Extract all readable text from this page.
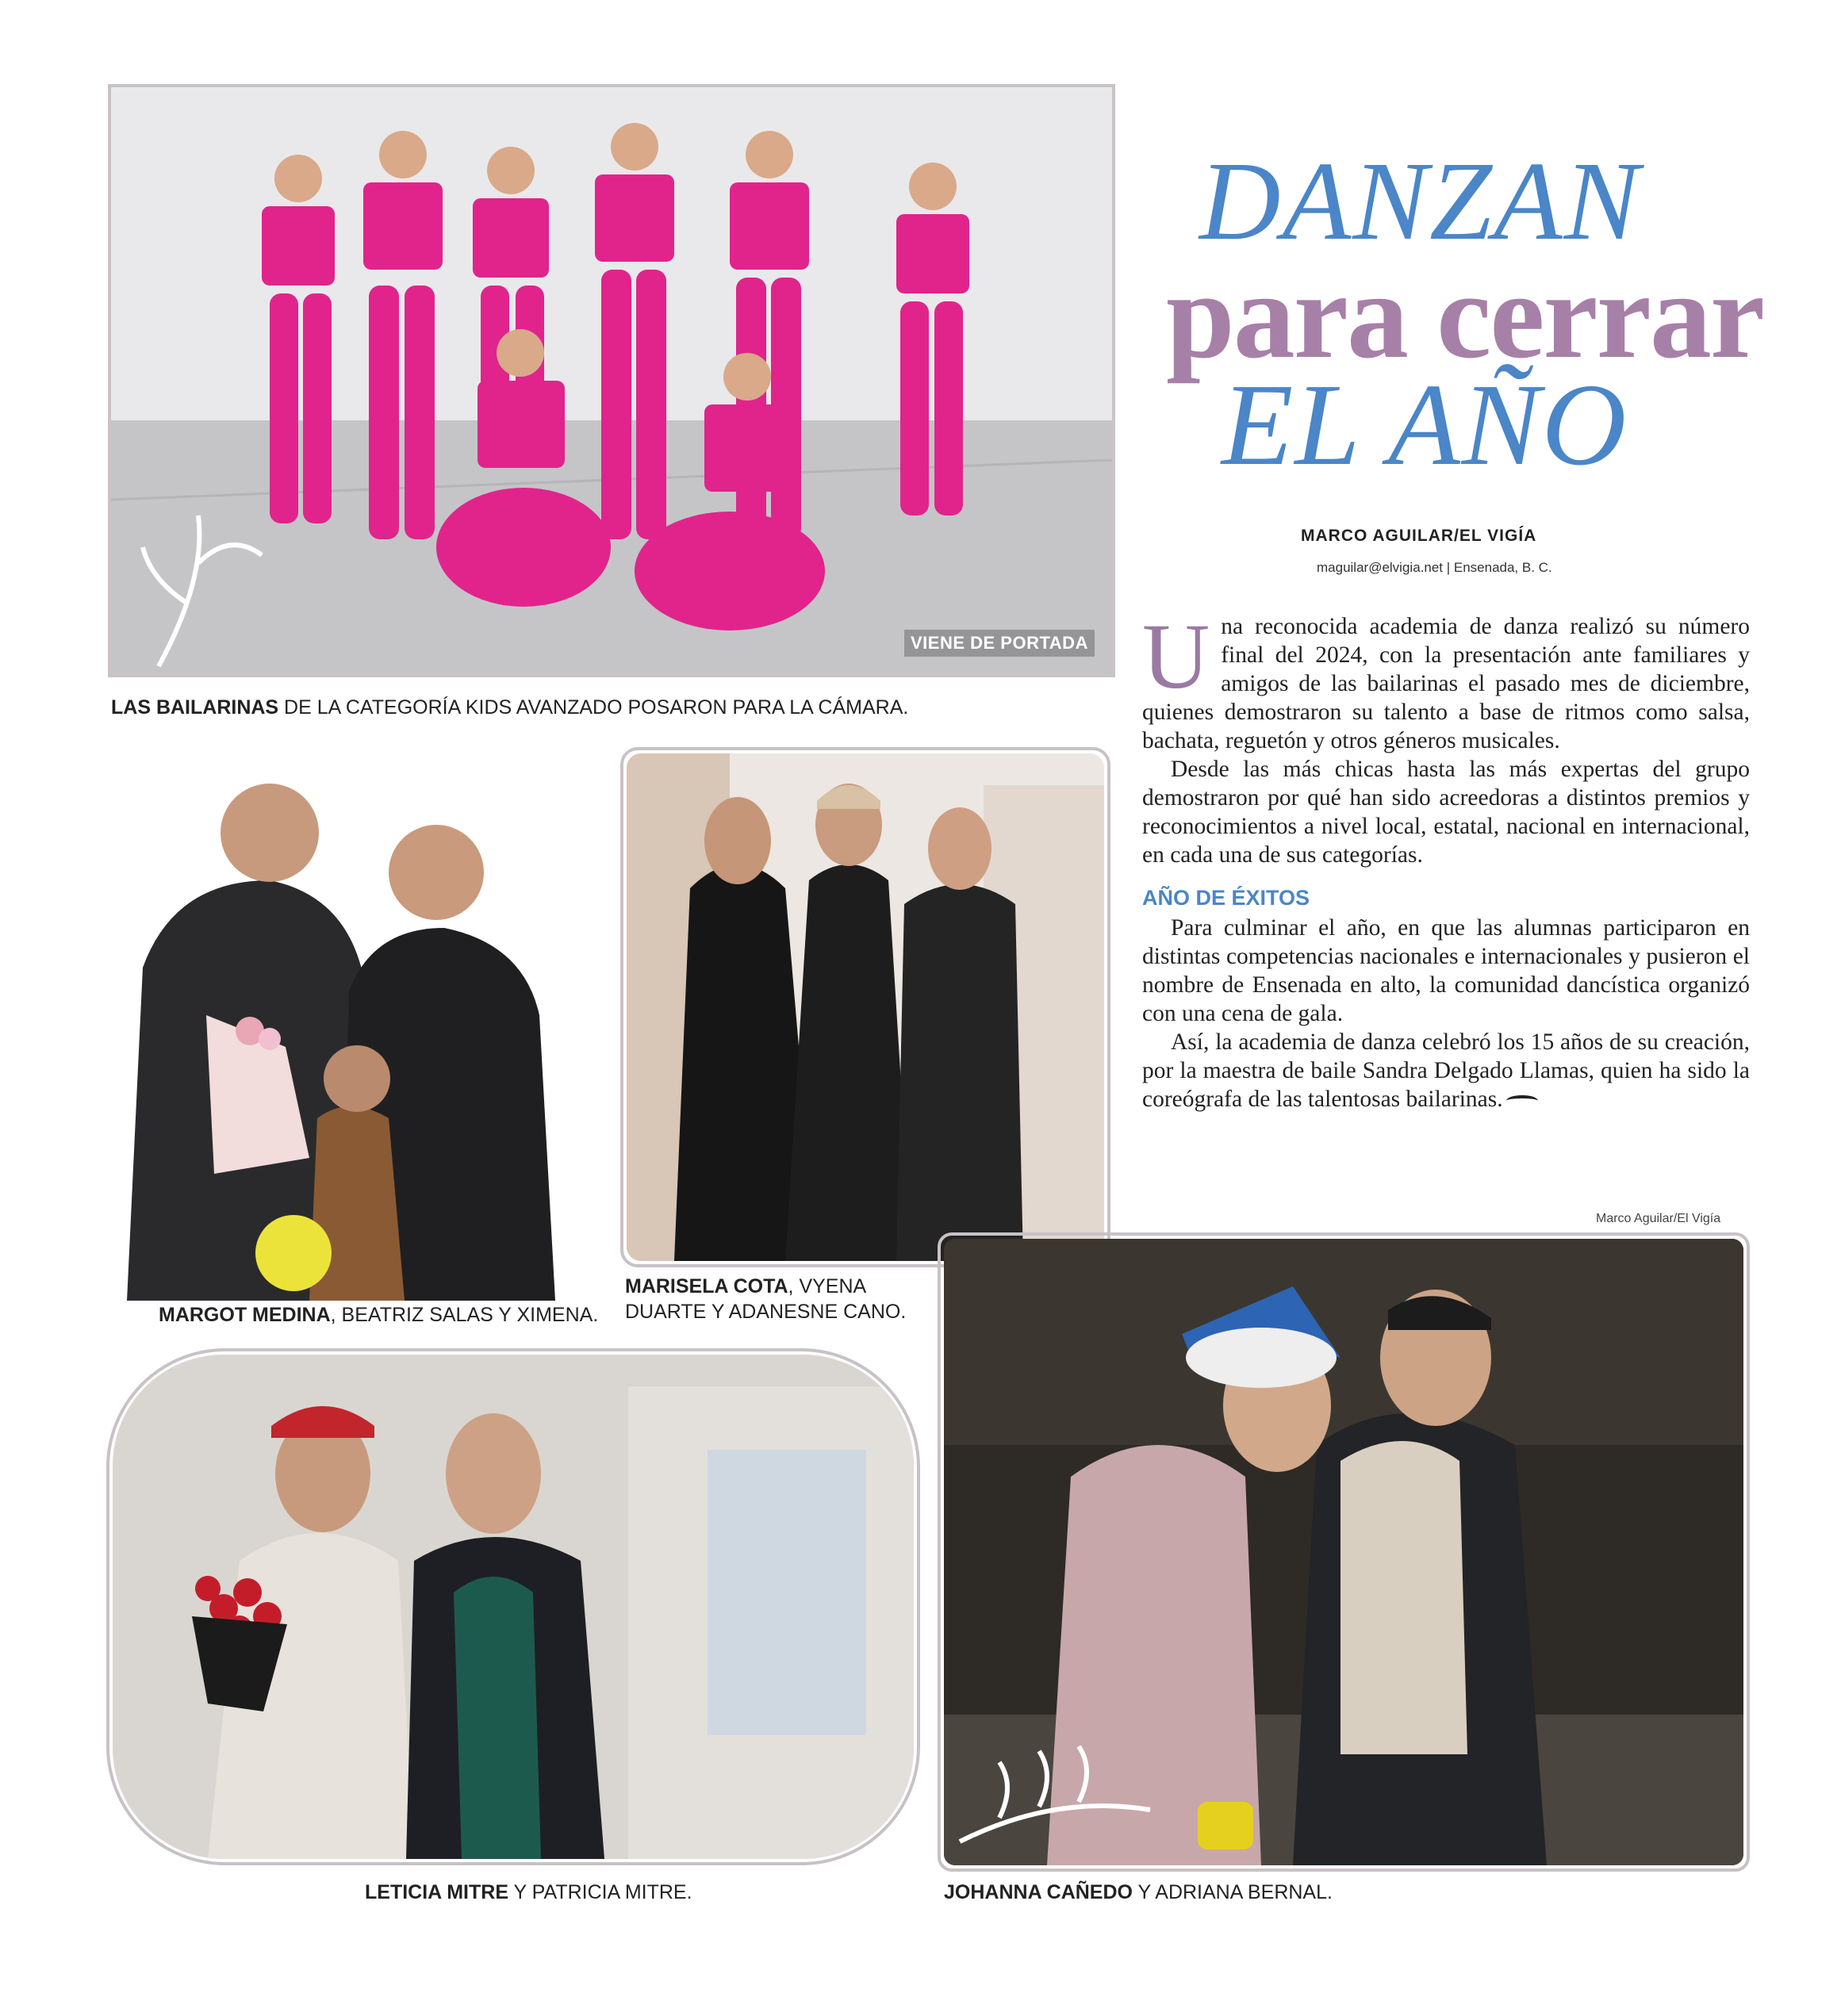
VIENE DE PORTADA
LAS BAILARINAS DE LA CATEGORÍA KIDS AVANZADO POSARON PARA LA CÁMARA.
DANZAN
para cerrar
EL AÑO
MARCO AGUILAR/EL VIGÍA
maguilar@elvigia.net | Ensenada, B. C.

Una reconocida academia de danza realizó su número final del 2024, con la presentación ante familiares y amigos de las bailarinas el pasado mes de diciembre, quienes demostraron su talento a base de ritmos como salsa, bachata, reguetón y otros géneros musicales.

Desde las más chicas hasta las más expertas del grupo demostraron por qué han sido acreedoras a distintos premios y reconocimientos a nivel local, estatal, nacional en internacional, en cada una de sus categorías.

AÑO DE ÉXITOS

Para culminar el año, en que las alumnas participaron en distintas competencias nacionales e internacionales y pusieron el nombre de Ensenada en alto, la comunidad dancística organizó con una cena de gala.

Así, la academia de danza celebró los 15 años de su creación, por la maestra de baile Sandra Delgado Llamas, quien ha sido la coreógrafa de las talentosas bailarinas.

MARGOT MEDINA, BEATRIZ SALAS Y XIMENA.
MARISELA COTA, VYENA DUARTE Y ADANESNE CANO.
LETICIA MITRE Y PATRICIA MITRE.
Marco Aguilar/El Vigía
JOHANNA CAÑEDO Y ADRIANA BERNAL.
